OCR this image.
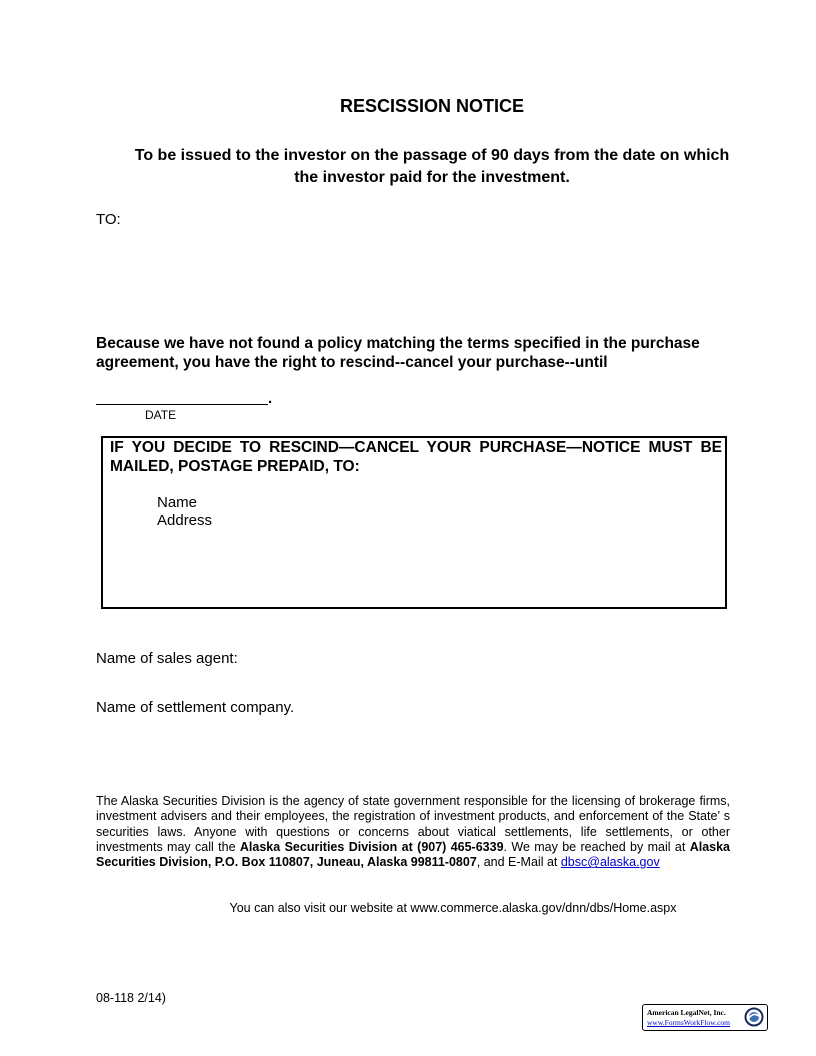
RESCISSION NOTICE
To be issued to the investor on the passage of 90 days from the date on which the investor paid for the investment.
TO:
Because we have not found a policy matching the terms specified in the purchase agreement, you have the right to rescind--cancel your purchase--until
.
DATE
IF YOU DECIDE TO RESCIND—CANCEL YOUR PURCHASE—NOTICE MUST BE MAILED, POSTAGE PREPAID, TO:
Name
Address
Name of sales agent:
Name of settlement company.
The Alaska Securities Division is the agency of state government responsible for the licensing of brokerage firms, investment advisers and their employees, the registration of investment products, and enforcement of the State’ s securities laws. Anyone with questions or concerns about viatical settlements, life settlements, or other investments may call the Alaska Securities Division at (907) 465-6339. We may be reached by mail at Alaska Securities Division, P.O. Box 110807, Juneau, Alaska 99811-0807, and E-Mail at dbsc@alaska.gov
You can also visit our website at www.commerce.alaska.gov/dnn/dbs/Home.aspx
08-118 2/14)
American LegalNet, Inc.
www.FormsWorkFlow.com
